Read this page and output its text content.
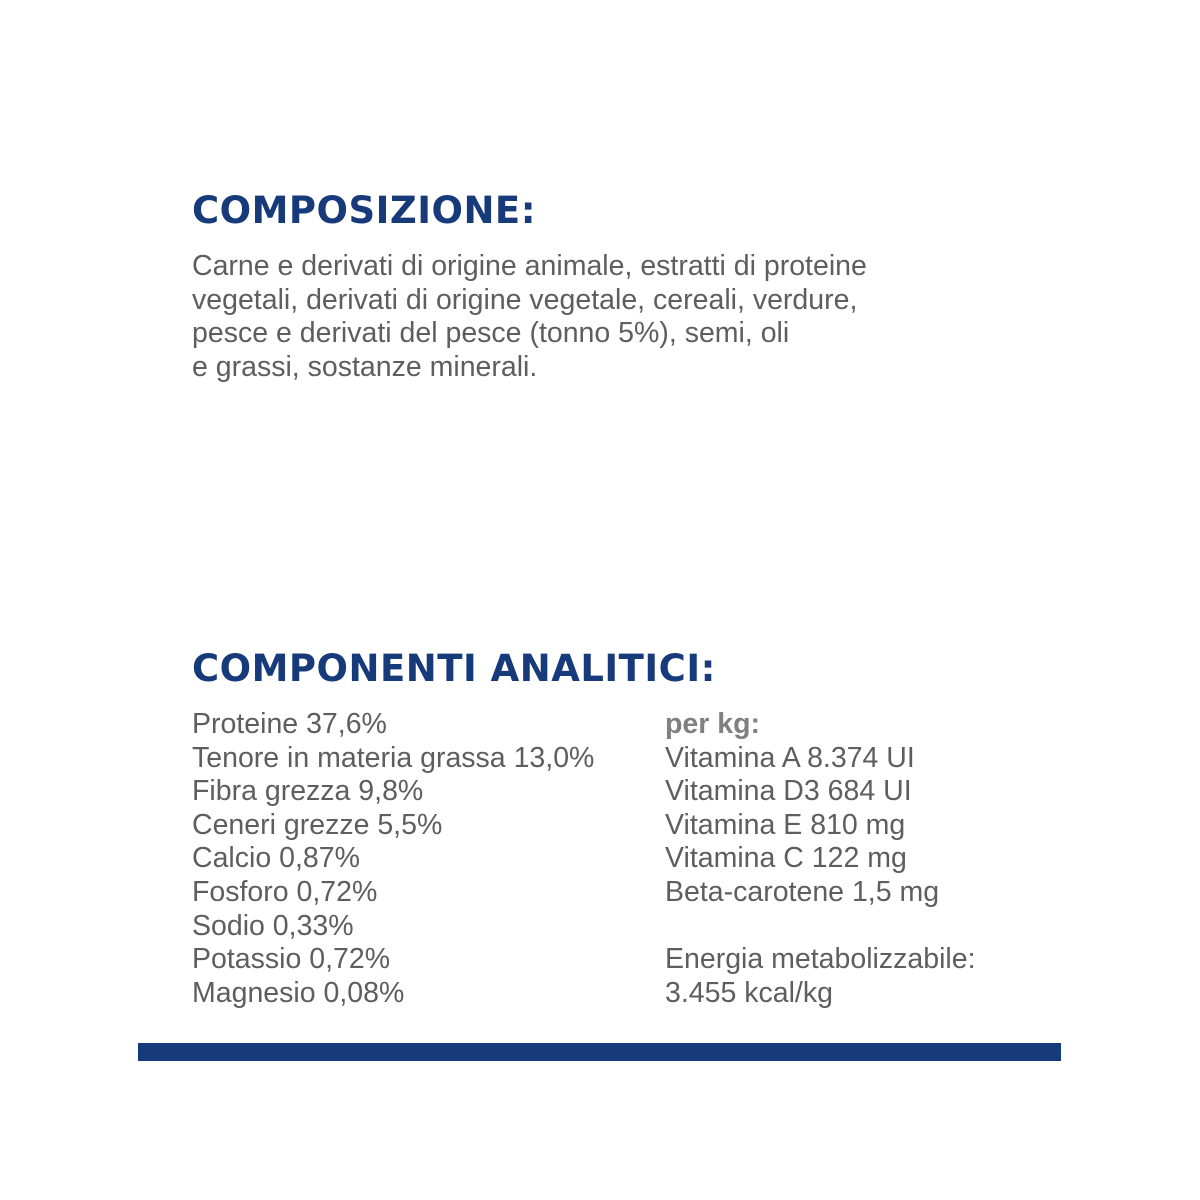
COMPOSIZIONE:

Carne e derivati di origine animale, estratti di proteine
vegetali, derivati di origine vegetale, cereali, verdure,
pesce e derivati del pesce (tonno 5%), semi, oli
e grassi, sostanze minerali.

COMPONENTI ANALITICI:
Proteine 37,6%
Tenore in materia grassa 13,0%
Fibra grezza 9,8%
Ceneri grezze 5,5%
Calcio 0,87%
Fosforo 0,72%
Sodio 0,33%
Potassio 0,72%
Magnesio 0,08%
per kg:
Vitamina A 8.374 UI
Vitamina D3 684 UI
Vitamina E 810 mg
Vitamina C 122 mg
Beta-carotene 1,5 mg
Energia metabolizzabile:
3.455 kcal/kg
